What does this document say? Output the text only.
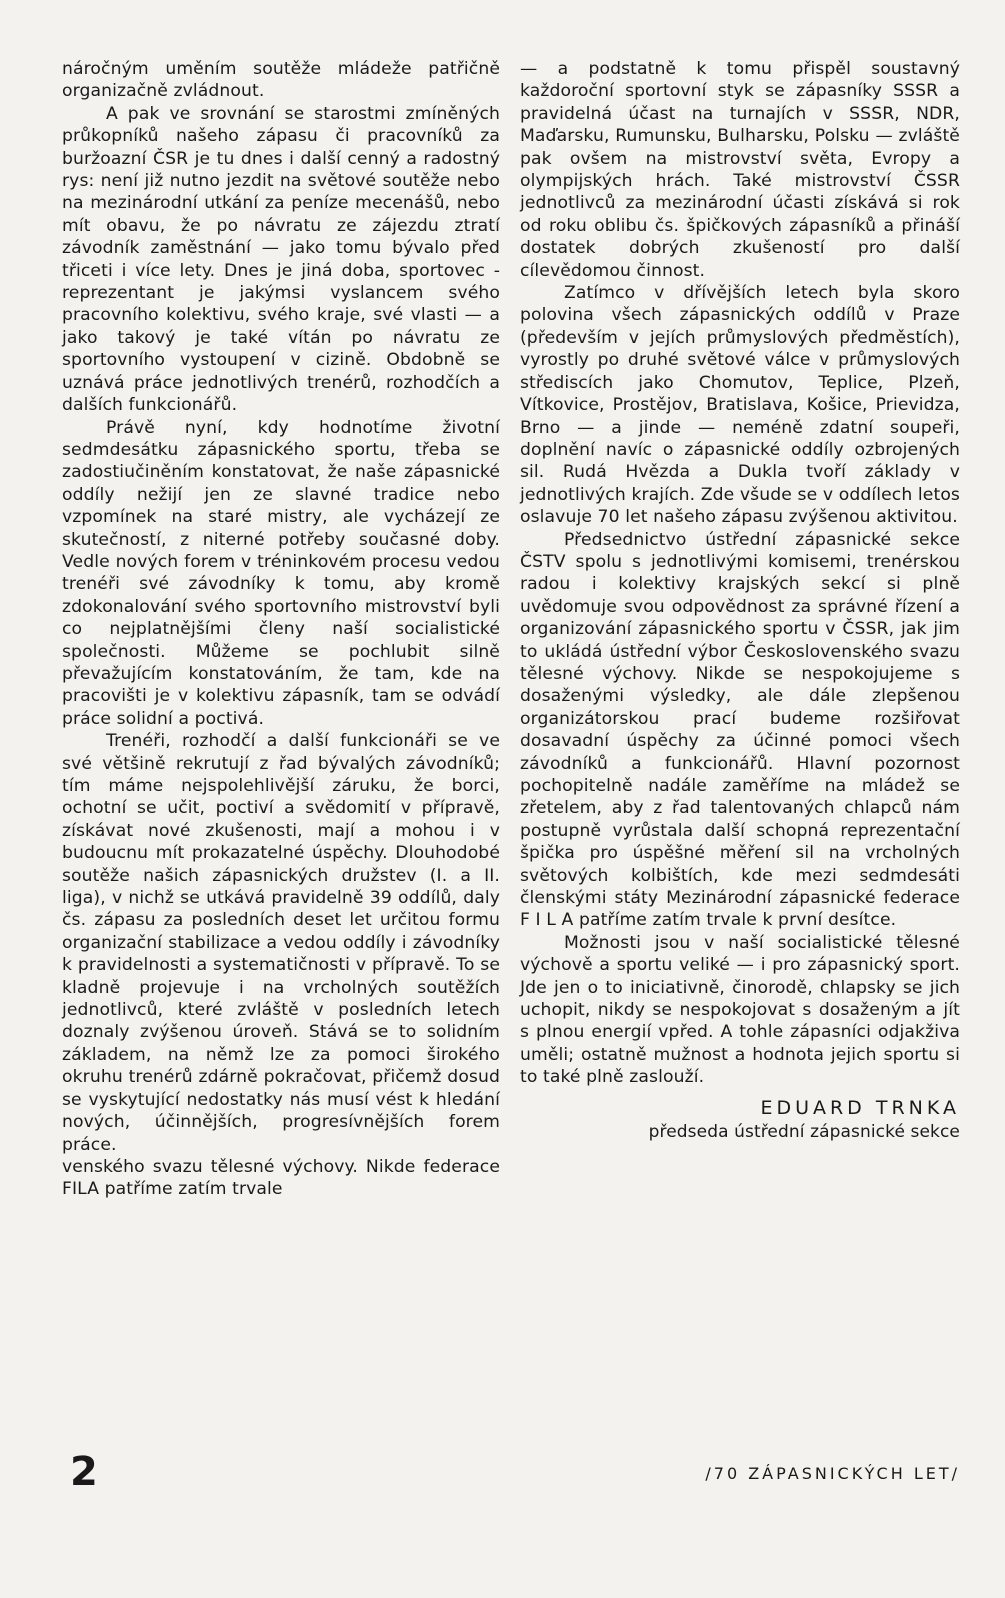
náročným uměním soutěže mládeže patřičně organizačně zvládnout.

A pak ve srovnání se starostmi zmíněných průkopníků našeho zápasu či pracovníků za buržoazní ČSR je tu dnes i další cenný a radostný rys: není již nutno jezdit na světové soutěže nebo na mezinárodní utkání za peníze mecenášů, nebo mít obavu, že po návratu ze zájezdu ztratí závodník zaměstnání — jako tomu bývalo před třiceti i více lety. Dnes je jiná doba, sportovec - reprezentant je jakýmsi vyslancem svého pracovního kolektivu, svého kraje, své vlasti — a jako takový je také vítán po návratu ze sportovního vystoupení v cizině. Obdobně se uznává práce jednotlivých trenérů, rozhodčích a dalších funkcionářů.

Právě nyní, kdy hodnotíme životní sedmdesátku zápasnického sportu, třeba se zadostiučiněním konstatovat, že naše zápasnické oddíly nežijí jen ze slavné tradice nebo vzpomínek na staré mistry, ale vycházejí ze skutečností, z niterné potřeby současné doby. Vedle nových forem v tréninkovém procesu vedou trenéři své závodníky k tomu, aby kromě zdokonalování svého sportovního mistrovství byli co nejplatnějšími členy naší socialistické společnosti. Můžeme se pochlubit silně převažujícím konstatováním, že tam, kde na pracovišti je v kolektivu zápasník, tam se odvádí práce solidní a poctivá.

Trenéři, rozhodčí a další funkcionáři se ve své většině rekrutují z řad bývalých závodníků; tím máme nejspolehlivější záruku, že borci, ochotní se učit, poctiví a svědomití v přípravě, získávat nové zkušenosti, mají a mohou i v budoucnu mít prokazatelné úspěchy. Dlouhodobé soutěže našich zápasnických družstev (I. a II. liga), v nichž se utkává pravidelně 39 oddílů, daly čs. zápasu za posledních deset let určitou formu organizační stabilizace a vedou oddíly i závodníky k pravidelnosti a systematičnosti v přípravě. To se kladně projevuje i na vrcholných soutěžích jednotlivců, které zvláště v posledních letech doznaly zvýšenou úroveň. Stává se to solidním základem, na němž lze za pomoci širokého okruhu trenérů zdárně pokračovat, přičemž dosud se vyskytující nedostatky nás musí vést k hledání nových, účinnějších, progresívnějších forem práce.

venského svazu tělesné výchovy. Nikde federace FILA patříme zatím trvale

— a podstatně k tomu přispěl soustavný každoroční sportovní styk se zápasníky SSSR a pravidelná účast na turnajích v SSSR, NDR, Maďarsku, Rumunsku, Bulharsku, Polsku — zvláště pak ovšem na mistrovství světa, Evropy a olympijských hrách. Také mistrovství ČSSR jednotlivců za mezinárodní účasti získává si rok od roku oblibu čs. špičkových zápasníků a přináší dostatek dobrých zkušeností pro další cílevědomou činnost.

Zatímco v dřívějších letech byla skoro polovina všech zápasnických oddílů v Praze (především v jejích průmyslových předměstích), vyrostly po druhé světové válce v průmyslových střediscích jako Chomutov, Teplice, Plzeň, Vítkovice, Prostějov, Bratislava, Košice, Prievidza, Brno — a jinde — neméně zdatní soupeři, doplnění navíc o zápasnické oddíly ozbrojených sil. Rudá Hvězda a Dukla tvoří základy v jednotlivých krajích. Zde všude se v oddílech letos oslavuje 70 let našeho zápasu zvýšenou aktivitou.

Předsednictvo ústřední zápasnické sekce ČSTV spolu s jednotlivými komisemi, trenérskou radou i kolektivy krajských sekcí si plně uvědomuje svou odpovědnost za správné řízení a organizování zápasnického sportu v ČSSR, jak jim to ukládá ústřední výbor Československého svazu tělesné výchovy. Nikde se nespokojujeme s dosaženými výsledky, ale dále zlepšenou organizátorskou prací budeme rozšiřovat dosavadní úspěchy za účinné pomoci všech závodníků a funkcionářů. Hlavní pozornost pochopitelně nadále zaměříme na mládež se zřetelem, aby z řad talentovaných chlapců nám postupně vyrůstala další schopná reprezentační špička pro úspěšné měření sil na vrcholných světových kolbištích, kde mezi sedmdesáti členskými státy Mezinárodní zápasnické federace F I L A patříme zatím trvale k první desítce.

Možnosti jsou v naší socialistické tělesné výchově a sportu veliké — i pro zápasnický sport. Jde jen o to iniciativně, činorodě, chlapsky se jich uchopit, nikdy se nespokojovat s dosaženým a jít s plnou energií vpřed. A tohle zápasníci odjakživa uměli; ostatně mužnost a hodnota jejich sportu si to také plně zaslouží.

EDUARD TRNKA
předseda ústřední zápasnické sekce
2	/70 ZÁPASNICKÝCH LET/
